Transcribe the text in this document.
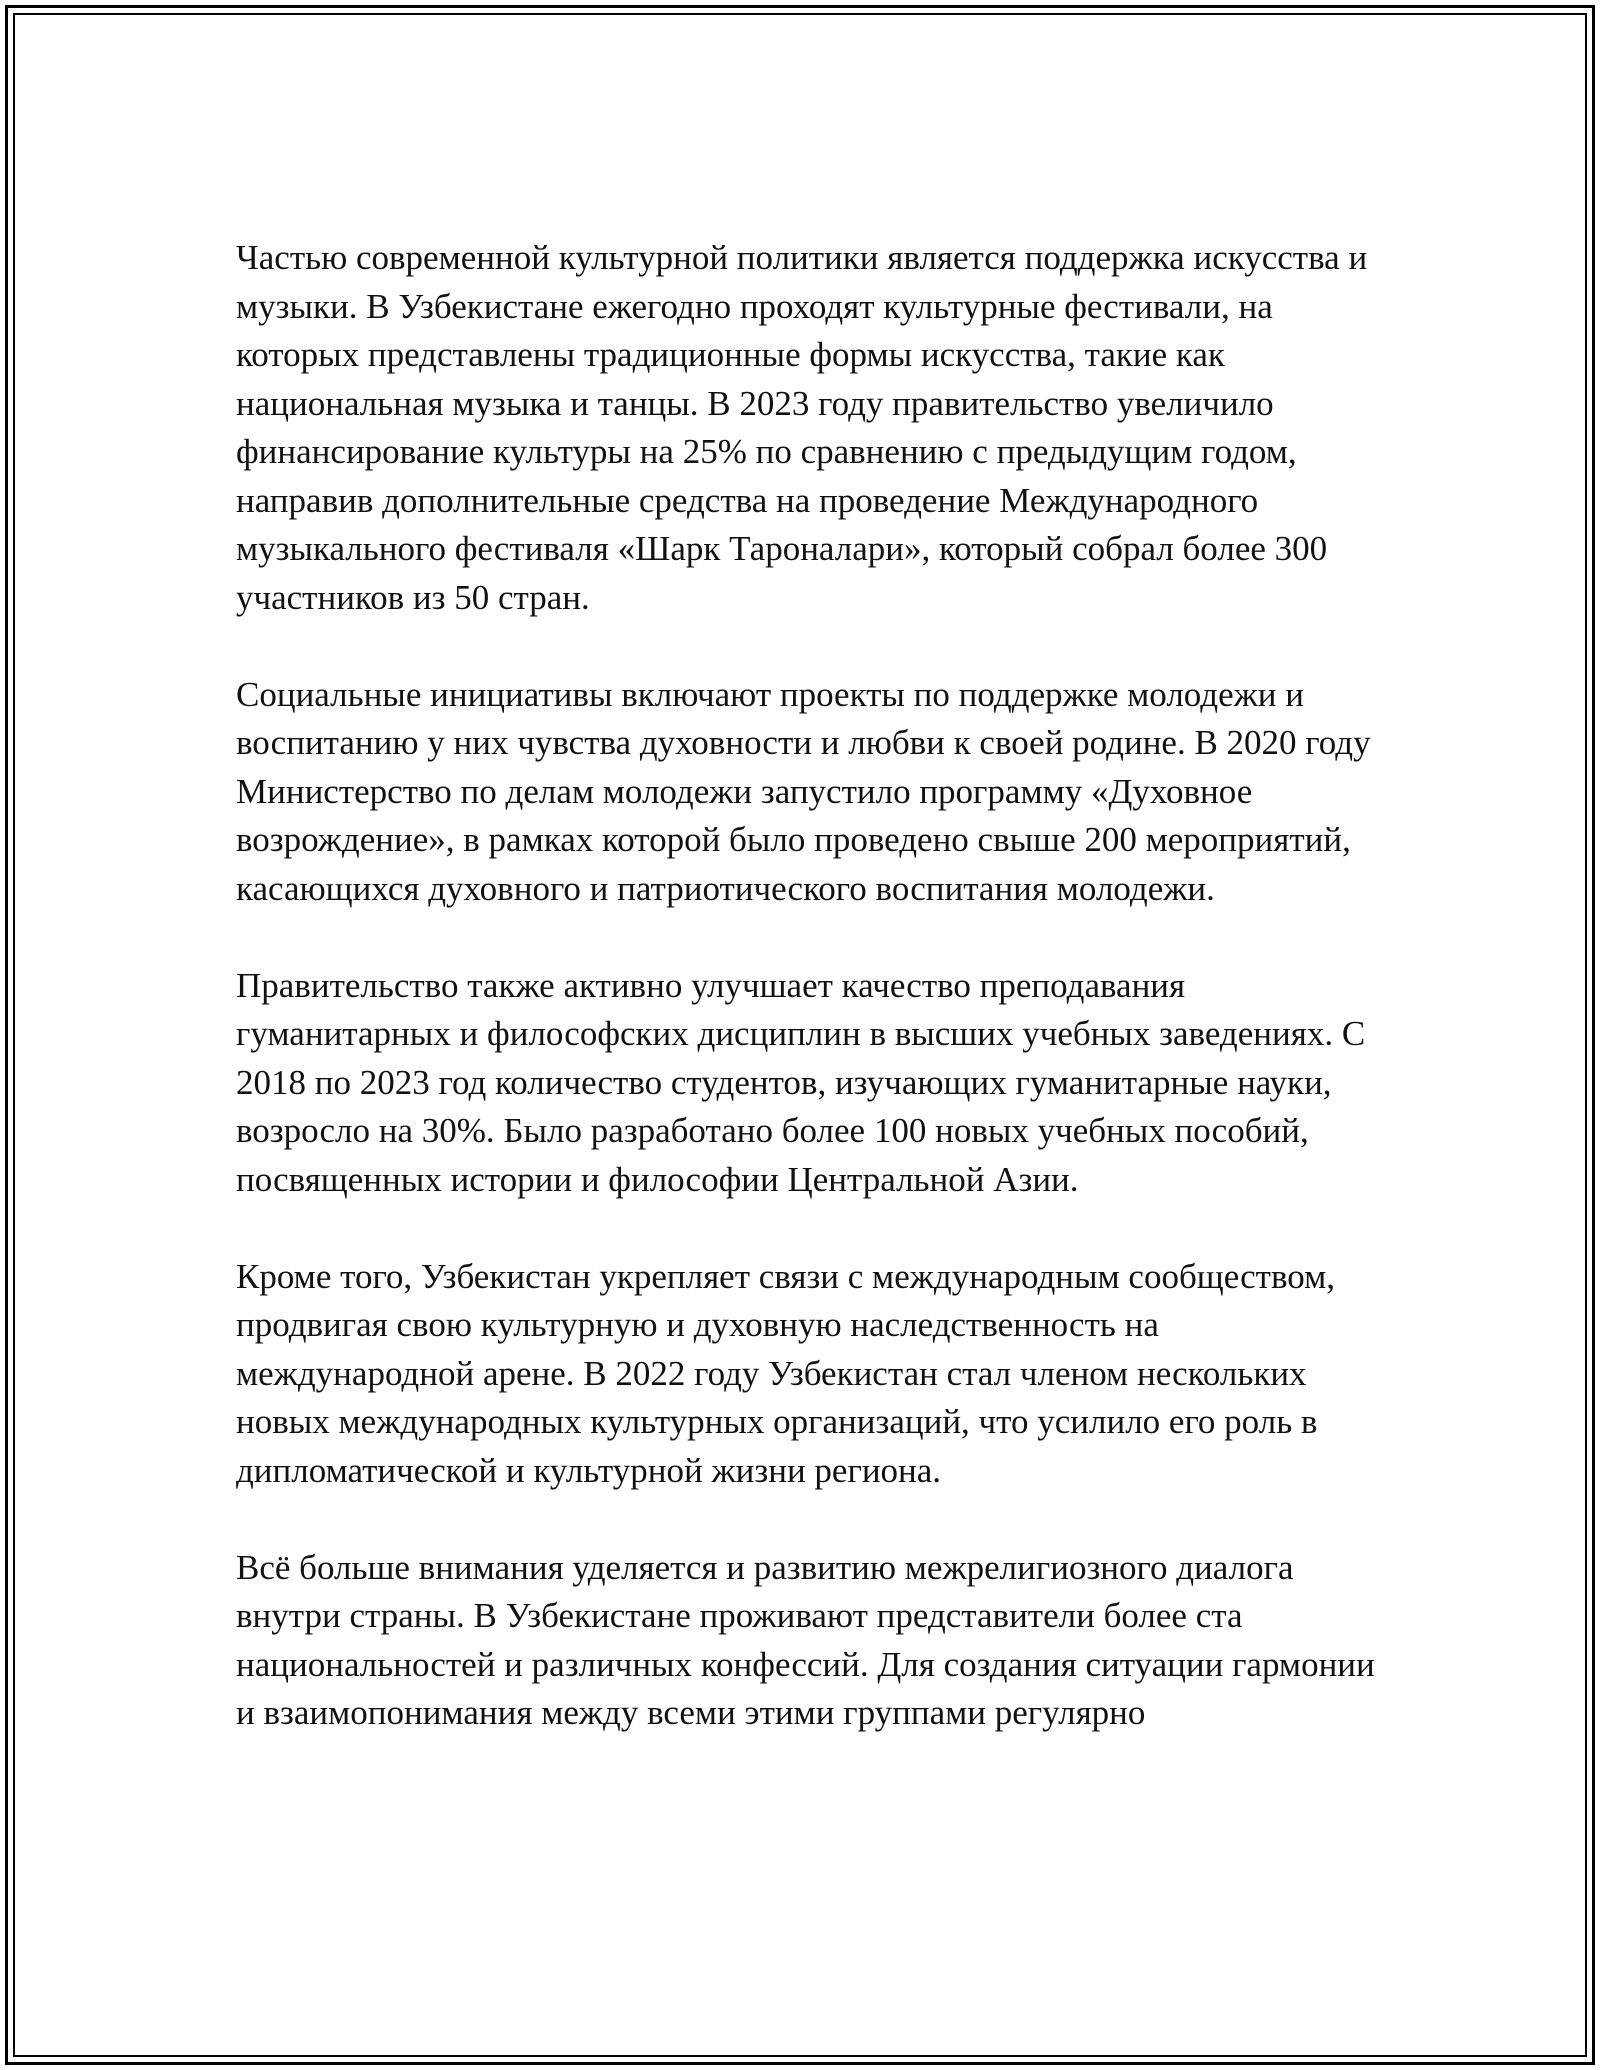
Частью современной культурной политики является поддержка искусства и музыки. В Узбекистане ежегодно проходят культурные фестивали, на которых представлены традиционные формы искусства, такие как национальная музыка и танцы. В 2023 году правительство увеличило финансирование культуры на 25% по сравнению с предыдущим годом, направив дополнительные средства на проведение Международного музыкального фестиваля «Шарк Тароналари», который собрал более 300 участников из 50 стран.

Социальные инициативы включают проекты по поддержке молодежи и воспитанию у них чувства духовности и любви к своей родине. В 2020 году Министерство по делам молодежи запустило программу «Духовное возрождение», в рамках которой было проведено свыше 200 мероприятий, касающихся духовного и патриотического воспитания молодежи.

Правительство также активно улучшает качество преподавания гуманитарных и философских дисциплин в высших учебных заведениях. С 2018 по 2023 год количество студентов, изучающих гуманитарные науки, возросло на 30%. Было разработано более 100 новых учебных пособий, посвященных истории и философии Центральной Азии.

Кроме того, Узбекистан укрепляет связи с международным сообществом, продвигая свою культурную и духовную наследственность на международной арене. В 2022 году Узбекистан стал членом нескольких новых международных культурных организаций, что усилило его роль в дипломатической и культурной жизни региона.

Всё больше внимания уделяется и развитию межрелигиозного диалога внутри страны. В Узбекистане проживают представители более ста национальностей и различных конфессий. Для создания ситуации гармонии и взаимопонимания между всеми этими группами регулярно
